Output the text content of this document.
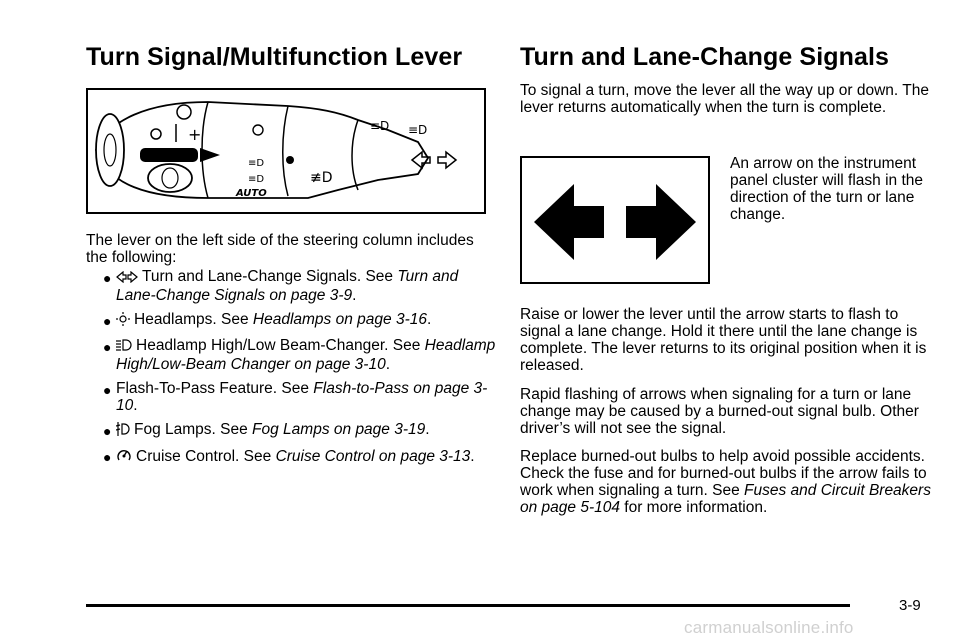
Turn Signal/Multifunction Lever
+
≡D
≡D
AUTO
≢D
≡D ≡D

The lever on the left side of the steering column includes the following:

● Turn and Lane-Change Signals. See Turn and Lane-Change Signals on page 3-9.
● Headlamps. See Headlamps on page 3-16.
● Headlamp High/Low Beam-Changer. See Headlamp High/Low-Beam Changer on page 3-10.
● Flash-To-Pass Feature. See Flash-to-Pass on page 3-10.
● Fog Lamps. See Fog Lamps on page 3-19.
● Cruise Control. See Cruise Control on page 3-13.
Turn and Lane-Change Signals

To signal a turn, move the lever all the way up or down. The lever returns automatically when the turn is complete.

An arrow on the instrument panel cluster will flash in the direction of the turn or lane change.

Raise or lower the lever until the arrow starts to flash to signal a lane change. Hold it there until the lane change is complete. The lever returns to its original position when it is released.

Rapid flashing of arrows when signaling for a turn or lane change may be caused by a burned-out signal bulb. Other driver’s will not see the signal.

Replace burned-out bulbs to help avoid possible accidents. Check the fuse and for burned-out bulbs if the arrow fails to work when signaling a turn. See Fuses and Circuit Breakers on page 5-104 for more information.

3-9
carmanualsonline.info
